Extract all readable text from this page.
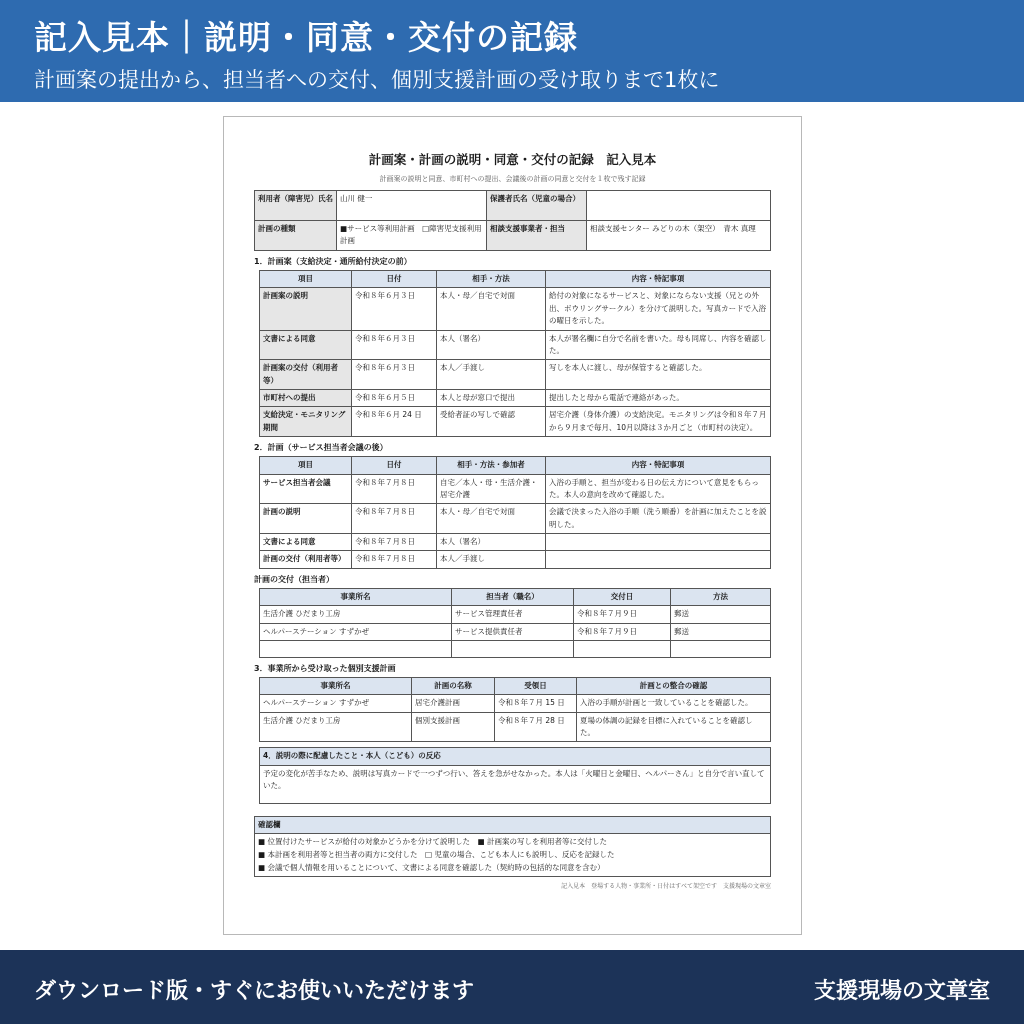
記入見本｜説明・同意・交付の記録
計画案の提出から、担当者への交付、個別支援計画の受け取りまで1枚に
計画案・計画の説明・同意・交付の記録　記入見本
計画案の説明と同意、市町村への提出、会議後の計画の同意と交付を１枚で残す記録
利用者（障害児）氏名	山川 健一	保護者氏名（児童の場合）	
計画の種類	■サービス等利用計画　□障害児支援利用計画	相談支援事業者・担当	相談支援センター みどりの木（架空）　青木 真理
1．計画案（支給決定・通所給付決定の前）
項目	日付	相手・方法	内容・特記事項
計画案の説明	令和８年６月３日	本人・母／自宅で対面	給付の対象になるサービスと、対象にならない支援（兄との外出、ボウリングサークル）を分けて説明した。写真カードで入浴の曜日を示した。
文書による同意	令和８年６月３日	本人（署名）	本人が署名欄に自分で名前を書いた。母も同席し、内容を確認した。
計画案の交付（利用者等）	令和８年６月３日	本人／手渡し	写しを本人に渡し、母が保管すると確認した。
市町村への提出	令和８年６月５日	本人と母が窓口で提出	提出したと母から電話で連絡があった。
支給決定・モニタリング期間	令和８年６月 24 日	受給者証の写しで確認	居宅介護（身体介護）の支給決定。モニタリングは令和８年７月から９月まで毎月、10月以降は３か月ごと（市町村の決定）。
2．計画（サービス担当者会議の後）
項目	日付	相手・方法・参加者	内容・特記事項
サービス担当者会議	令和８年７月８日	自宅／本人・母・生活介護・居宅介護	入浴の手順と、担当が変わる日の伝え方について意見をもらった。本人の意向を改めて確認した。
計画の説明	令和８年７月８日	本人・母／自宅で対面	会議で決まった入浴の手順（洗う順番）を計画に加えたことを説明した。
文書による同意	令和８年７月８日	本人（署名）	
計画の交付（利用者等）	令和８年７月８日	本人／手渡し	
計画の交付（担当者）
事業所名	担当者（職名）	交付日	方法
生活介護 ひだまり工房	サービス管理責任者	令和８年７月９日	郵送
ヘルパーステーション すずかぜ	サービス提供責任者	令和８年７月９日	郵送

3．事業所から受け取った個別支援計画
事業所名	計画の名称	受領日	計画との整合の確認
ヘルパーステーション すずかぜ	居宅介護計画	令和８年７月 15 日	入浴の手順が計画と一致していることを確認した。
生活介護 ひだまり工房	個別支援計画	令和８年７月 28 日	夏場の体調の記録を目標に入れていることを確認した。
4．説明の際に配慮したこと・本人（こども）の反応
予定の変化が苦手なため、説明は写真カードで一つずつ行い、答えを急がせなかった。本人は「火曜日と金曜日、ヘルパーさん」と自分で言い直していた。
確認欄

■ 位置付けたサービスが給付の対象かどうかを分けて説明した　■ 計画案の写しを利用者等に交付した
■ 本計画を利用者等と担当者の両方に交付した　□ 児童の場合、こども本人にも説明し、反応を記録した
■ 会議で個人情報を用いることについて、文書による同意を確認した（契約時の包括的な同意を含む）
記入見本　登場する人物・事業所・日付はすべて架空です　支援現場の文章室
ダウンロード版・すぐにお使いいただけます	支援現場の文章室
